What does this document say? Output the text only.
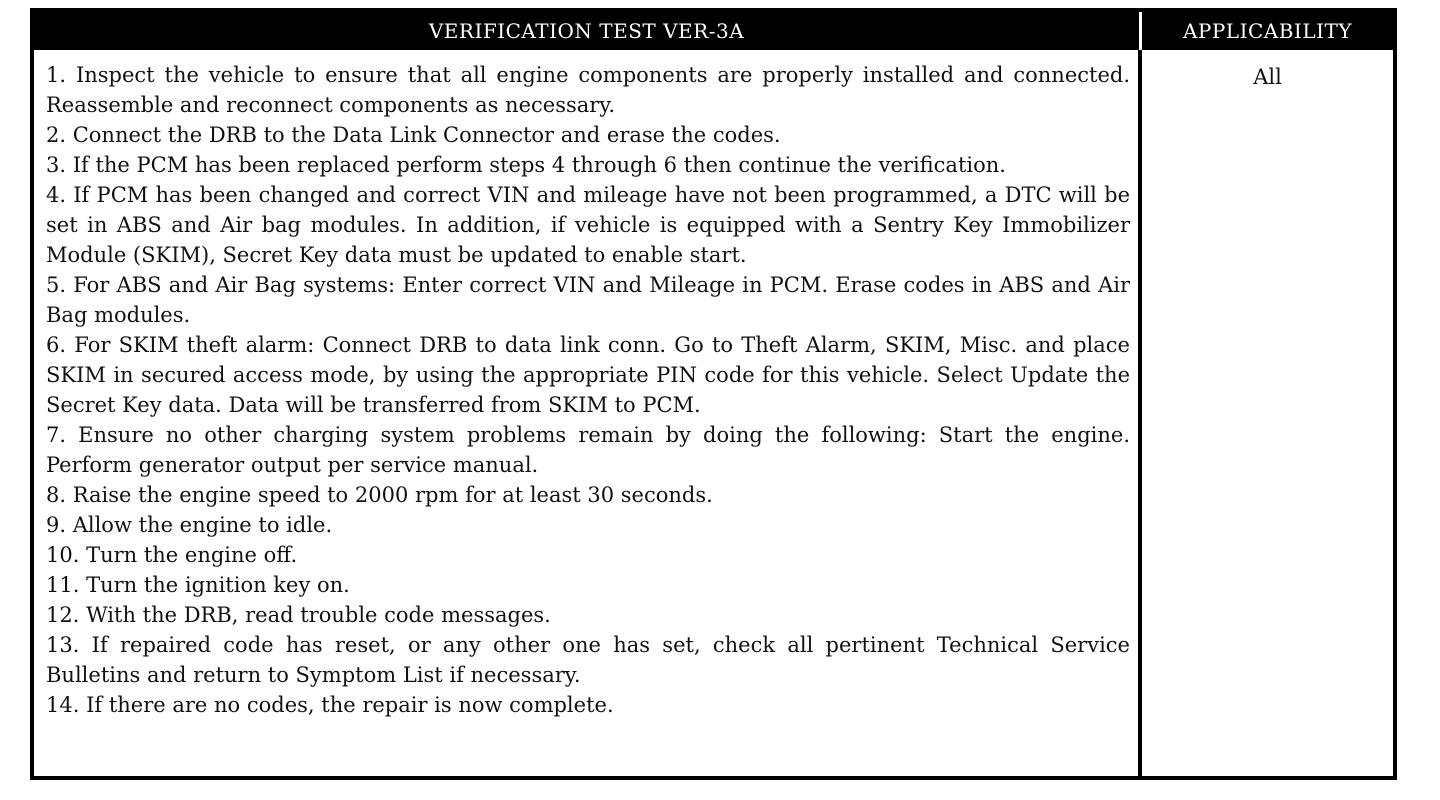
VERIFICATION TEST VER-3A	APPLICABILITY
1. Inspect the vehicle to ensure that all engine components are properly installed and connected. Reassemble and reconnect components as necessary.
2. Connect the DRB to the Data Link Connector and erase the codes.
3. If the PCM has been replaced perform steps 4 through 6 then continue the verification.
4. If PCM has been changed and correct VIN and mileage have not been programmed, a DTC will be set in ABS and Air bag modules. In addition, if vehicle is equipped with a Sentry Key Immobilizer Module (SKIM), Secret Key data must be updated to enable start.
5. For ABS and Air Bag systems: Enter correct VIN and Mileage in PCM. Erase codes in ABS and Air Bag modules.
6. For SKIM theft alarm: Connect DRB to data link conn. Go to Theft Alarm, SKIM, Misc. and place SKIM in secured access mode, by using the appropriate PIN code for this vehicle. Select Update the Secret Key data. Data will be transferred from SKIM to PCM.
7. Ensure no other charging system problems remain by doing the following: Start the engine. Perform generator output per service manual.
8. Raise the engine speed to 2000 rpm for at least 30 seconds.
9. Allow the engine to idle.
10. Turn the engine off.
11. Turn the ignition key on.
12. With the DRB, read trouble code messages.
13. If repaired code has reset, or any other one has set, check all pertinent Technical Service Bulletins and return to Symptom List if necessary.
14. If there are no codes, the repair is now complete.
All
